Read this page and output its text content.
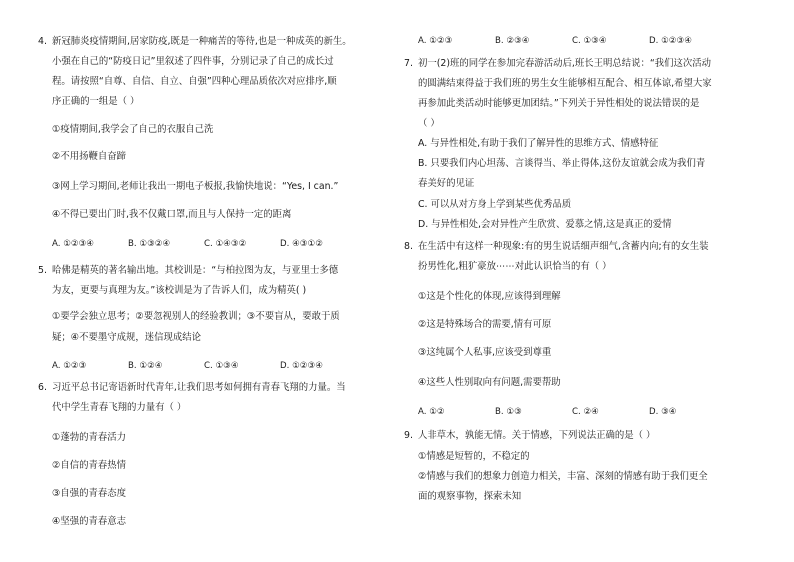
4. 新冠肺炎疫情期间,居家防疫,既是一种痛苦的等待,也是一种成英的新生。
小强在自己的“防疫日记”里叙述了四件事，分别记录了自己的成长过
程。请按照“自尊、自信、自立、自强”四种心理品质依次对应排序,顺
序正确的一组是（ ）
①疫情期间,我学会了自己的衣服自己洗
②不用扬鞭自奋蹄
③网上学习期间,老师让我出一期电子板报,我愉快地说：“Yes, I can.”
④不得已要出门时,我不仅戴口罩,而且与人保持一定的距离
A. ①②③④	B. ①③②④	C. ①④③②	D. ④③①②
5. 哈佛是精英的著名输出地。其校训是：“与柏拉图为友，与亚里士多德
为友，更要与真理为友。”该校训是为了告诉人们，成为精英( )
①要学会独立思考；②要忽视别人的经验教训；③不要盲从，要敢于质
疑；④不要墨守成规，迷信现成结论
A. ①②③	B. ①②④	C. ①③④	D. ①②③④
6. 习近平总书记寄语新时代青年,让我们思考如何拥有青春飞翔的力量。当
代中学生青春飞翔的力量有（ ）
①蓬勃的青春活力
②自信的青春热情
③自强的青春态度
④坚强的青春意志
A. ①②③	B. ②③④	C. ①③④	D. ①②③④
7. 初一(2)班的同学在参加完春游活动后,班长王明总结说：“我们这次活动
的圆满结束得益于我们班的男生女生能够相互配合、相互体谅,希望大家
再参加此类活动时能够更加团结。”下列关于异性相处的说法错误的是
（ ）
A. 与异性相处,有助于我们了解异性的思维方式、情感特征
B. 只要我们内心坦荡、言谈得当、举止得体,这份友谊就会成为我们青
春美好的见证
C. 可以从对方身上学到某些优秀品质
D. 与异性相处,会对异性产生欣赏、爱慕之情,这是真正的爱情
8. 在生活中有这样一种现象:有的男生说话细声细气,含蓄内向;有的女生装
扮男性化,粗犷豪放⋯⋯对此认识恰当的有（ ）
①这是个性化的体现,应该得到理解
②这是特殊场合的需要,情有可原
③这纯属个人私事,应该受到尊重
④这些人性别取向有问题,需要帮助
A. ①②	B. ①③	C. ②④	D. ③④
9. 人非草木，孰能无情。关于情感，下列说法正确的是（ ）
①情感是短暂的，不稳定的
②情感与我们的想象力创造力相关，丰富、深刻的情感有助于我们更全
面的观察事物，探索未知
